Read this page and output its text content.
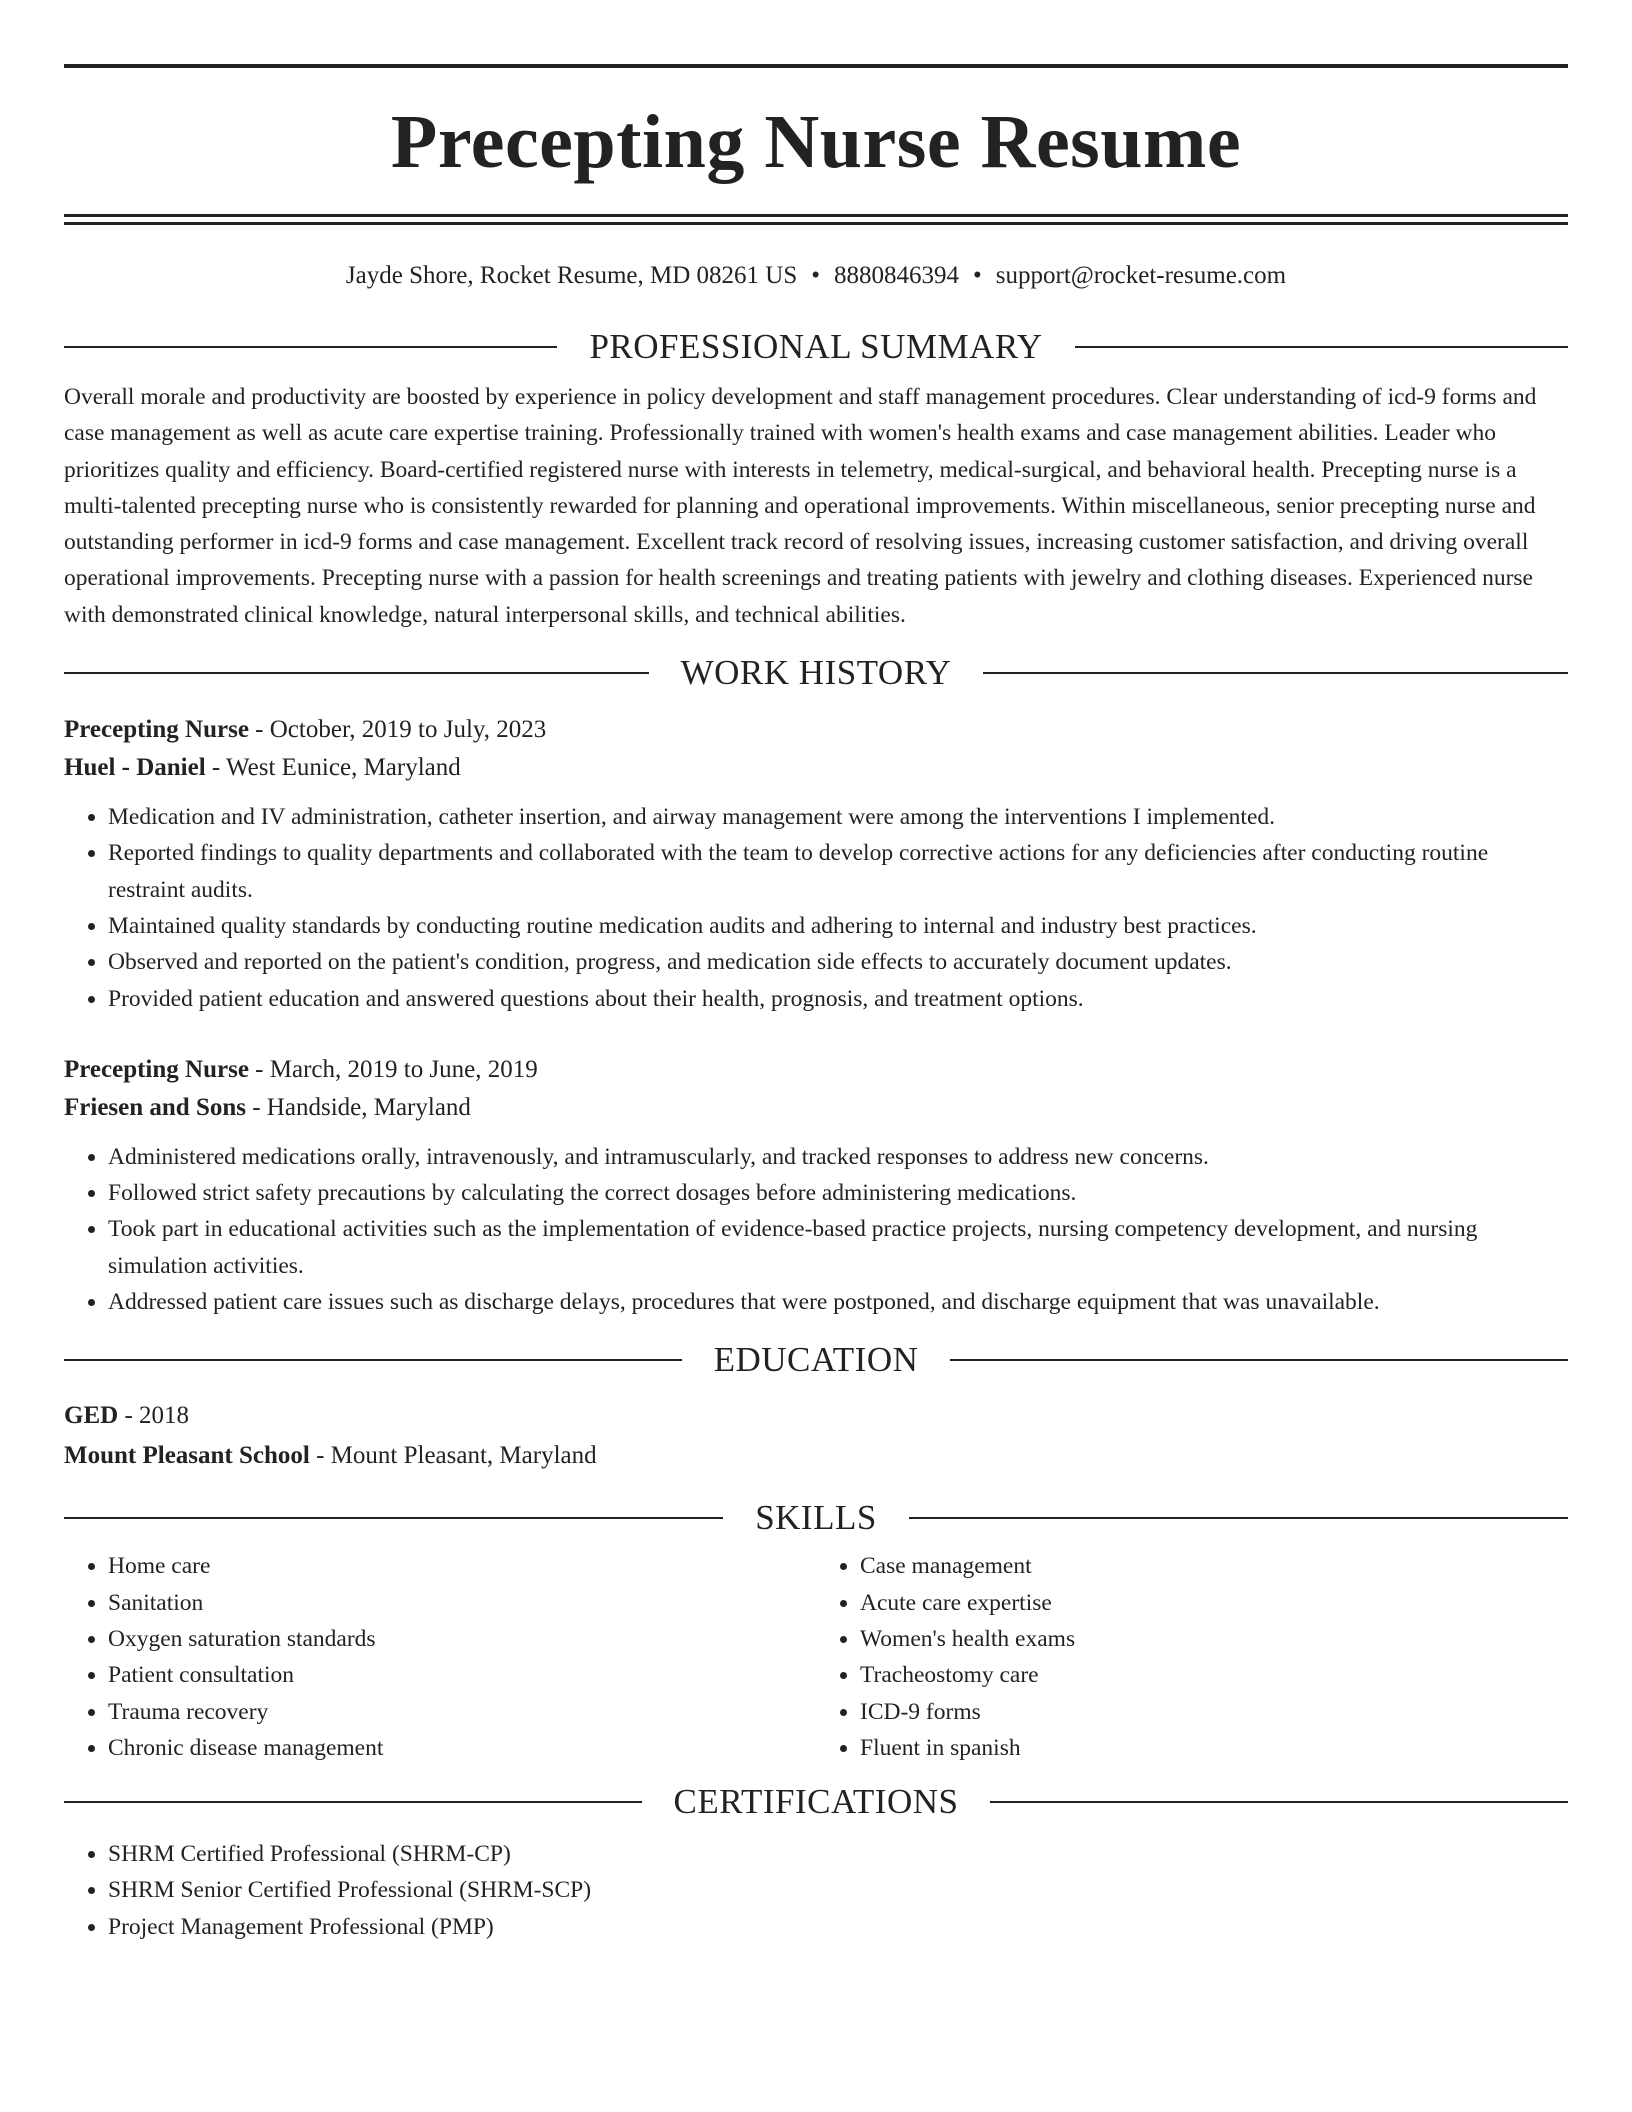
Precepting Nurse Resume
Jayde Shore, Rocket Resume, MD 08261 US • 8880846394 • support@rocket-resume.com
PROFESSIONAL SUMMARY

Overall morale and productivity are boosted by experience in policy development and staff management procedures. Clear understanding of icd-9 forms and case management as well as acute care expertise training. Professionally trained with women's health exams and case management abilities. Leader who prioritizes quality and efficiency. Board-certified registered nurse with interests in telemetry, medical-surgical, and behavioral health. Precepting nurse is a multi-talented precepting nurse who is consistently rewarded for planning and operational improvements. Within miscellaneous, senior precepting nurse and outstanding performer in icd-9 forms and case management. Excellent track record of resolving issues, increasing customer satisfaction, and driving overall operational improvements. Precepting nurse with a passion for health screenings and treating patients with jewelry and clothing diseases. Experienced nurse with demonstrated clinical knowledge, natural interpersonal skills, and technical abilities.

WORK HISTORY
Precepting Nurse - October, 2019 to July, 2023
Huel - Daniel - West Eunice, Maryland
• Medication and IV administration, catheter insertion, and airway management were among the interventions I implemented.
• Reported findings to quality departments and collaborated with the team to develop corrective actions for any deficiencies after conducting routine restraint audits.
• Maintained quality standards by conducting routine medication audits and adhering to internal and industry best practices.
• Observed and reported on the patient's condition, progress, and medication side effects to accurately document updates.
• Provided patient education and answered questions about their health, prognosis, and treatment options.
Precepting Nurse - March, 2019 to June, 2019
Friesen and Sons - Handside, Maryland
• Administered medications orally, intravenously, and intramuscularly, and tracked responses to address new concerns.
• Followed strict safety precautions by calculating the correct dosages before administering medications.
• Took part in educational activities such as the implementation of evidence-based practice projects, nursing competency development, and nursing simulation activities.
• Addressed patient care issues such as discharge delays, procedures that were postponed, and discharge equipment that was unavailable.
EDUCATION
GED - 2018
Mount Pleasant School - Mount Pleasant, Maryland
SKILLS
• Home care
• Sanitation
• Oxygen saturation standards
• Patient consultation
• Trauma recovery
• Chronic disease management
• Case management
• Acute care expertise
• Women's health exams
• Tracheostomy care
• ICD-9 forms
• Fluent in spanish
CERTIFICATIONS
• SHRM Certified Professional (SHRM-CP)
• SHRM Senior Certified Professional (SHRM-SCP)
• Project Management Professional (PMP)
